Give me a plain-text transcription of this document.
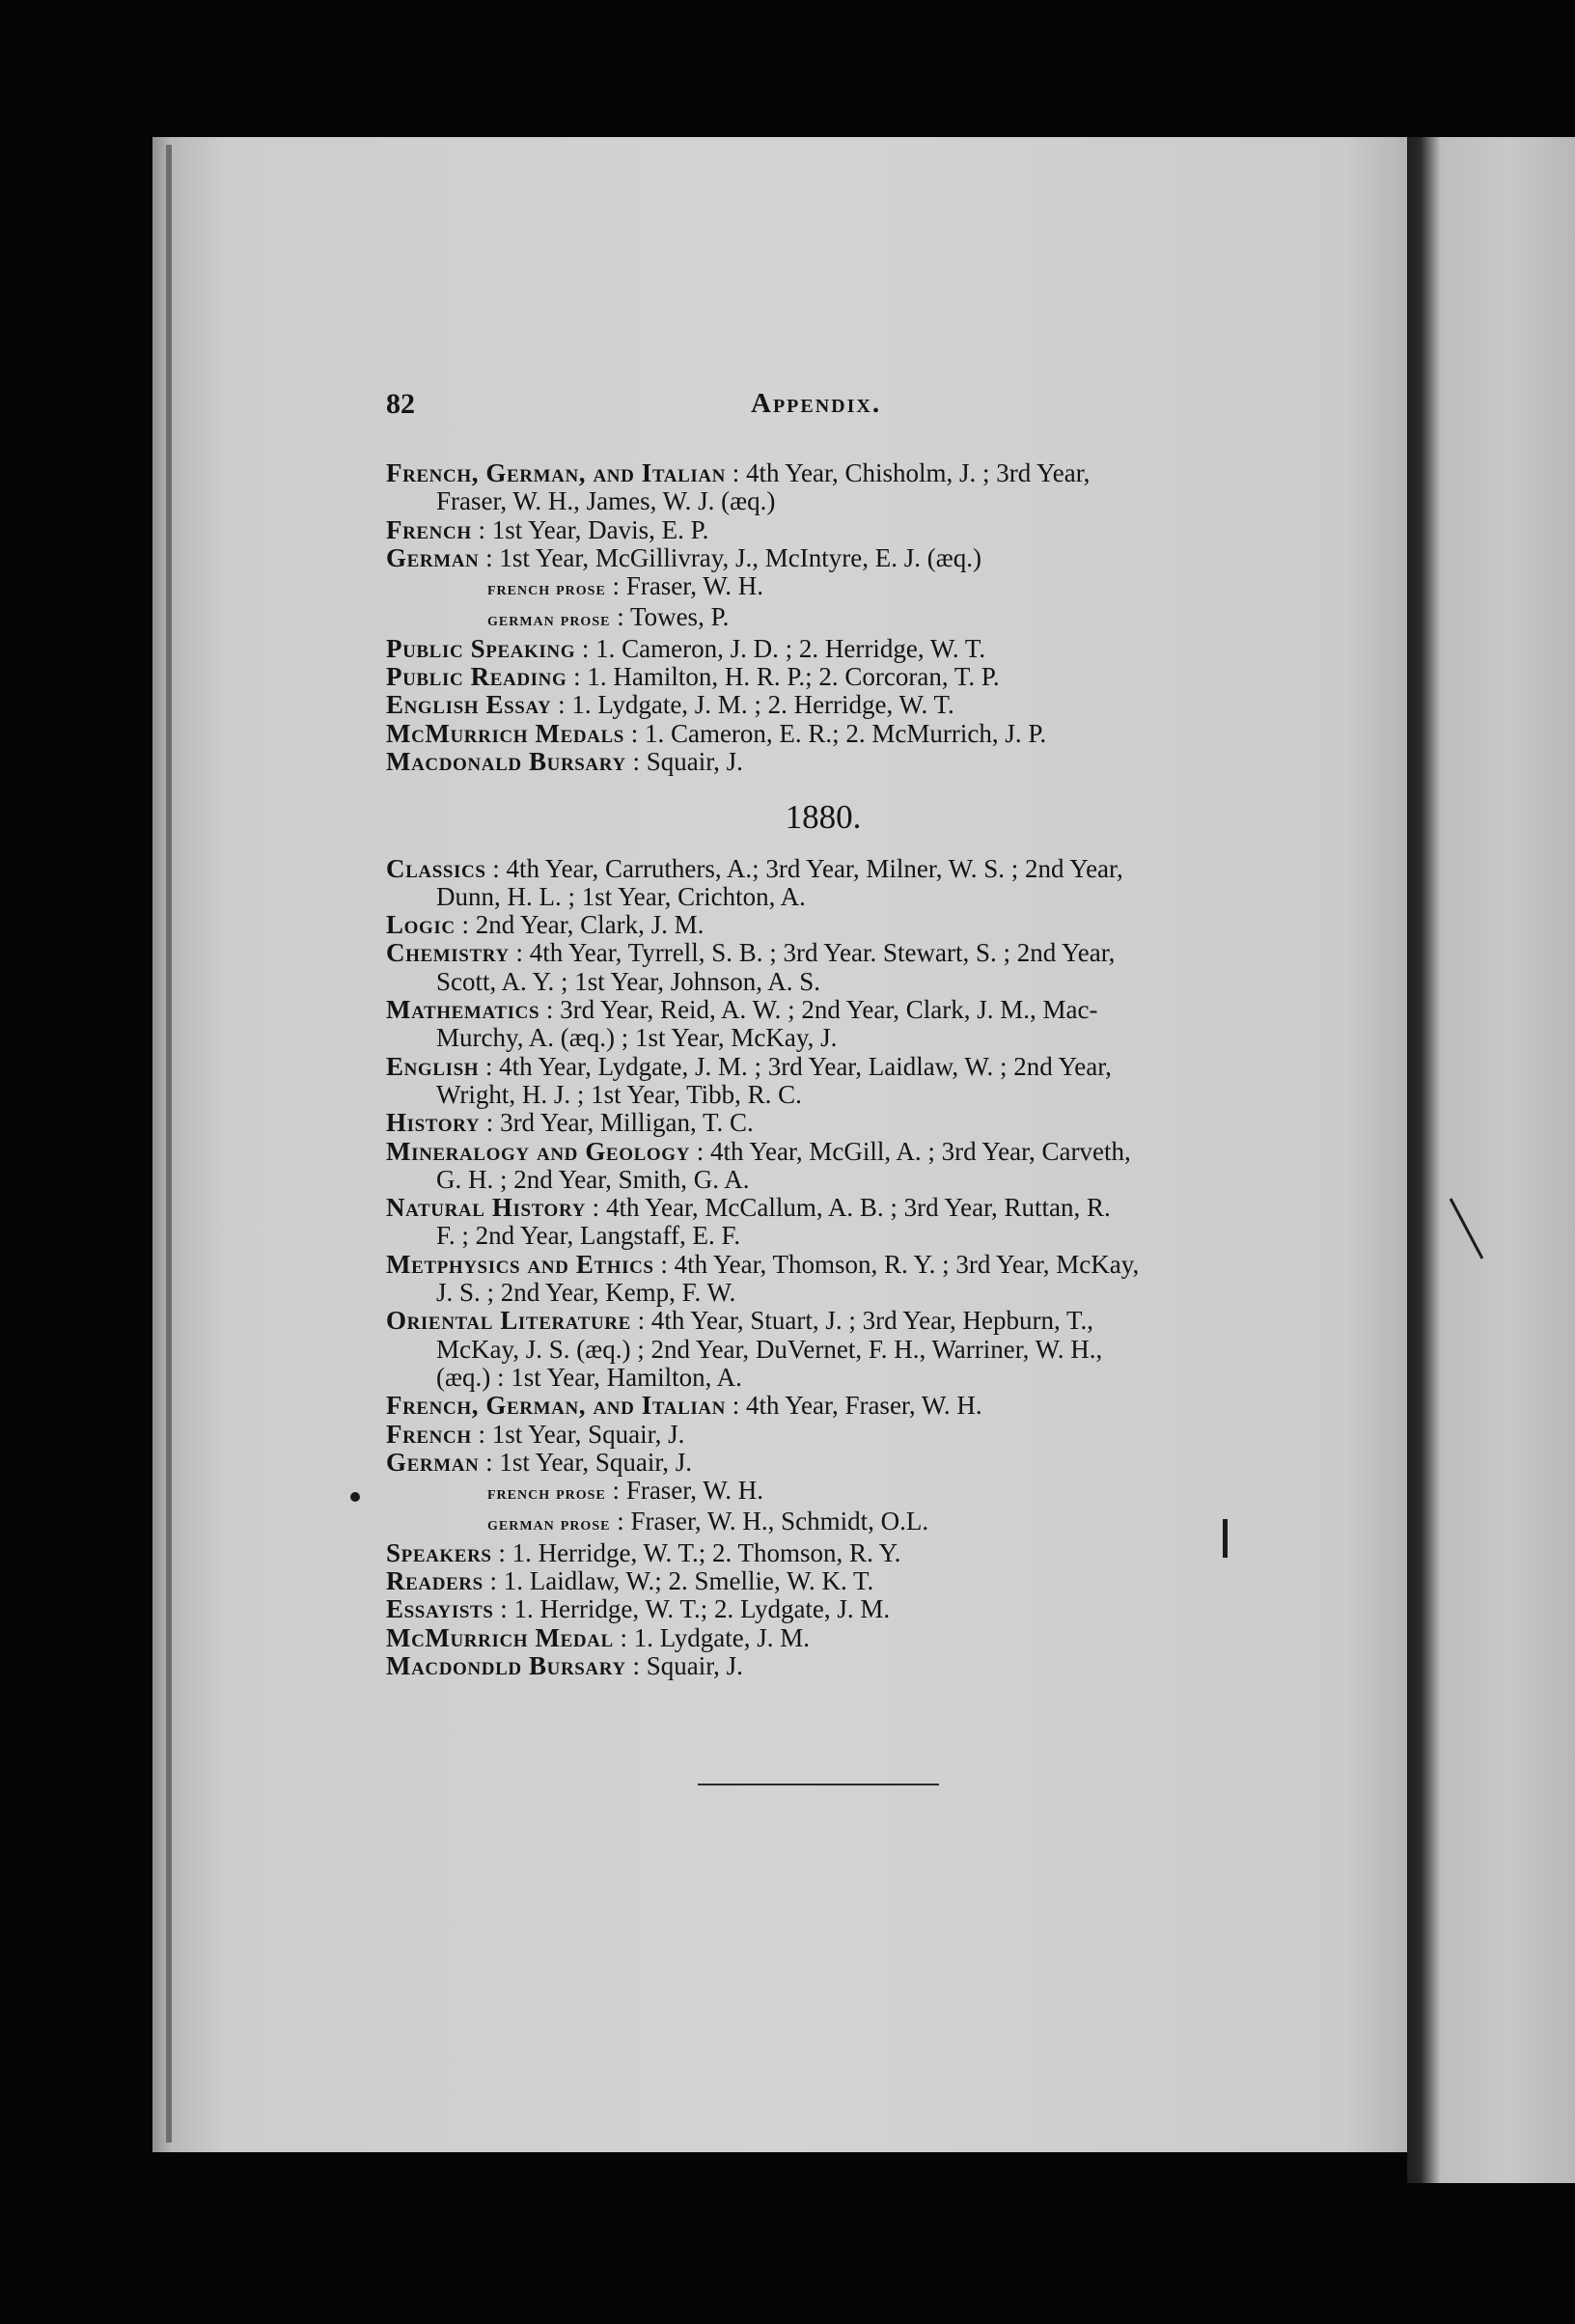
82	Appendix.

French, German, and Italian : 4th Year, Chisholm, J. ; 3rd Year,
Fraser, W. H., James, W. J. (æq.)

French : 1st Year, Davis, E. P.

German : 1st Year, McGillivray, J., McIntyre, E. J. (æq.)

french prose : Fraser, W. H.

german prose : Towes, P.

Public Speaking : 1. Cameron, J. D. ; 2. Herridge, W. T.

Public Reading : 1. Hamilton, H. R. P.; 2. Corcoran, T. P.

English Essay : 1. Lydgate, J. M. ; 2. Herridge, W. T.

McMurrich Medals : 1. Cameron, E. R.; 2. McMurrich, J. P.

Macdonald Bursary : Squair, J.

1880.

Classics : 4th Year, Carruthers, A.; 3rd Year, Milner, W. S. ; 2nd Year,
Dunn, H. L. ; 1st Year, Crichton, A.

Logic : 2nd Year, Clark, J. M.

Chemistry : 4th Year, Tyrrell, S. B. ; 3rd Year. Stewart, S. ; 2nd Year,
Scott, A. Y. ; 1st Year, Johnson, A. S.

Mathematics : 3rd Year, Reid, A. W. ; 2nd Year, Clark, J. M., Mac-
Murchy, A. (æq.) ; 1st Year, McKay, J.

English : 4th Year, Lydgate, J. M. ; 3rd Year, Laidlaw, W. ; 2nd Year,
Wright, H. J. ; 1st Year, Tibb, R. C.

History : 3rd Year, Milligan, T. C.

Mineralogy and Geology : 4th Year, McGill, A. ; 3rd Year, Carveth,
G. H. ; 2nd Year, Smith, G. A.

Natural History : 4th Year, McCallum, A. B. ; 3rd Year, Ruttan, R.
F. ; 2nd Year, Langstaff, E. F.

Metphysics and Ethics : 4th Year, Thomson, R. Y. ; 3rd Year, McKay,
J. S. ; 2nd Year, Kemp, F. W.

Oriental Literature : 4th Year, Stuart, J. ; 3rd Year, Hepburn, T.,
McKay, J. S. (æq.) ; 2nd Year, DuVernet, F. H., Warriner, W. H.,
(æq.) : 1st Year, Hamilton, A.

French, German, and Italian : 4th Year, Fraser, W. H.

French : 1st Year, Squair, J.

German : 1st Year, Squair, J.

french prose : Fraser, W. H.

german prose : Fraser, W. H., Schmidt, O.L.

Speakers : 1. Herridge, W. T.; 2. Thomson, R. Y.

Readers : 1. Laidlaw, W.; 2. Smellie, W. K. T.

Essayists : 1. Herridge, W. T.; 2. Lydgate, J. M.

McMurrich Medal : 1. Lydgate, J. M.

Macdondld Bursary : Squair, J.
